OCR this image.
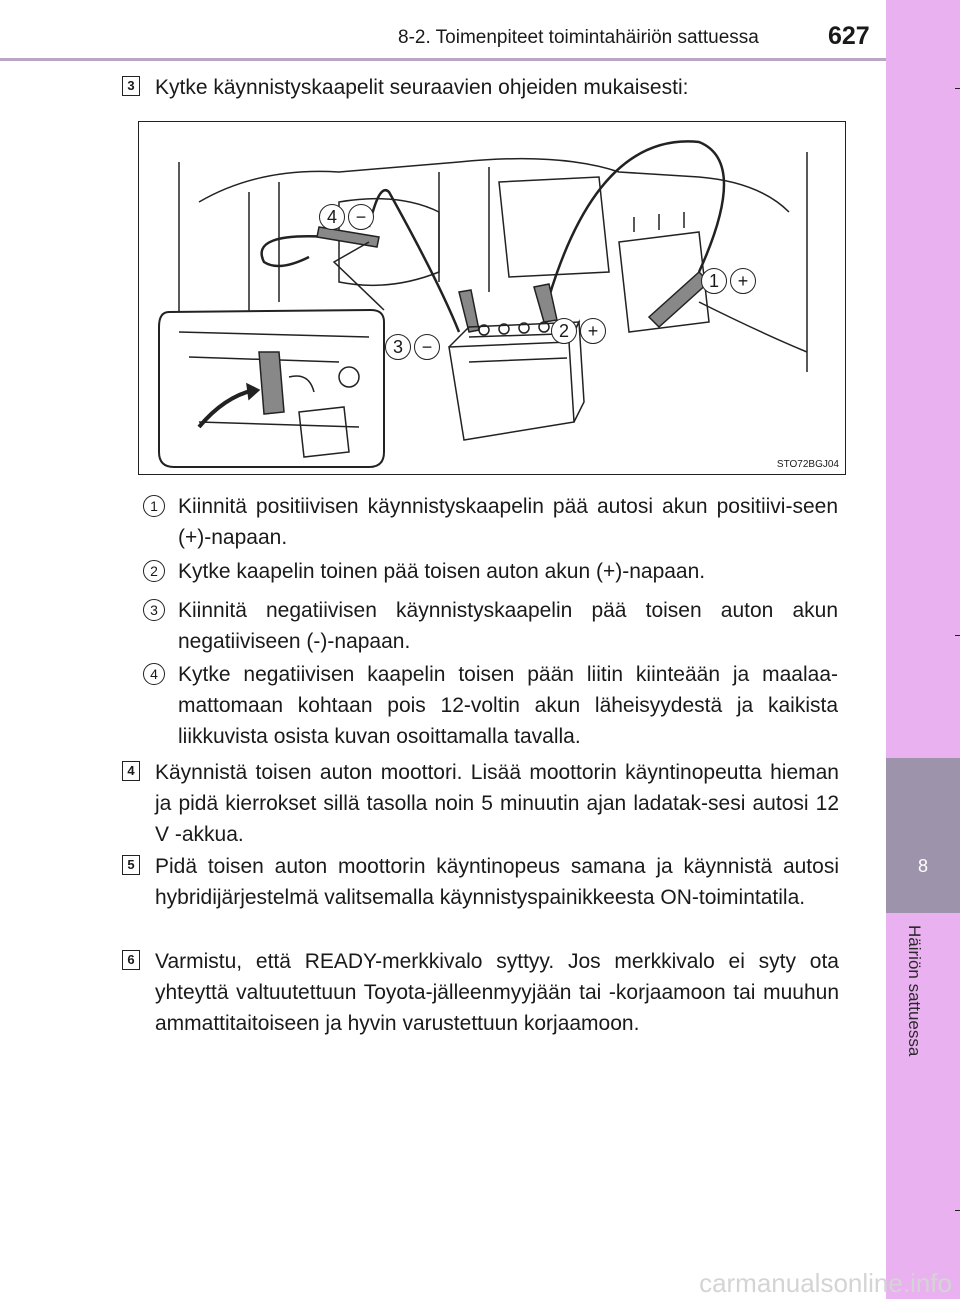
8-2. Toimenpiteet toimintahäiriön sattuessa	627
8
Häiriön sattuessa
3 Kytke käynnistyskaapelit seuraavien ohjeiden mukaisesti:
4	−
1	+
2	+
3	−
STO72BGJ04
1 Kiinnitä positiivisen käynnistyskaapelin pää autosi akun positiivi-seen (+)-napaan.
2 Kytke kaapelin toinen pää toisen auton akun (+)-napaan.
3 Kiinnitä negatiivisen käynnistyskaapelin pää toisen auton akun negatiiviseen (-)-napaan.
4 Kytke negatiivisen kaapelin toisen pään liitin kiinteään ja maalaa-mattomaan kohtaan pois 12-voltin akun läheisyydestä ja kaikista liikkuvista osista kuvan osoittamalla tavalla.
4 Käynnistä toisen auton moottori. Lisää moottorin käyntinopeutta hieman ja pidä kierrokset sillä tasolla noin 5 minuutin ajan ladatak-sesi autosi 12 V -akkua.
5 Pidä toisen auton moottorin käyntinopeus samana ja käynnistä autosi hybridijärjestelmä valitsemalla käynnistyspainikkeesta ON-toimintatila.
6 Varmistu, että READY-merkkivalo syttyy. Jos merkkivalo ei syty ota yhteyttä valtuutettuun Toyota-jälleenmyyjään tai -korjaamoon tai muuhun ammattitaitoiseen ja hyvin varustettuun korjaamoon.
carmanualsonline.info
